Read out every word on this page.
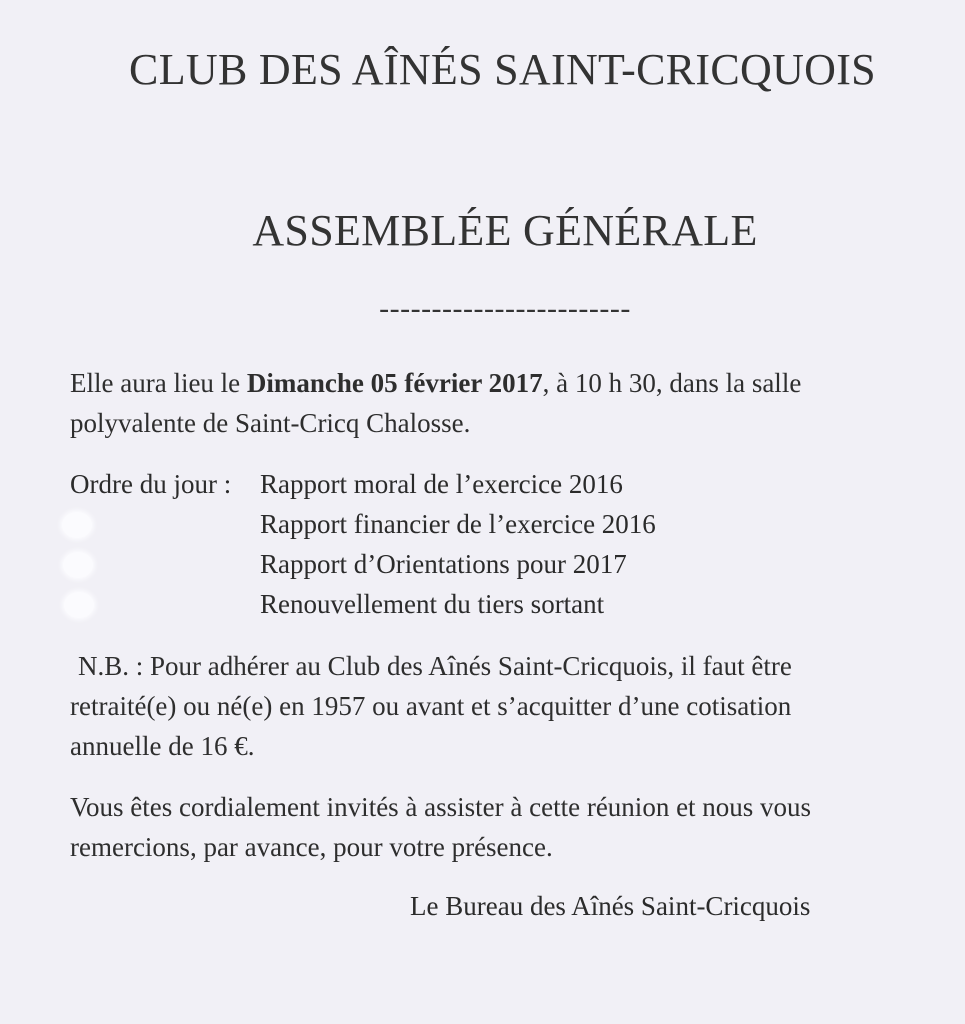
CLUB DES AÎNÉS SAINT-CRICQUOIS
ASSEMBLÉE GÉNÉRALE
------------------------

Elle aura lieu le Dimanche 05 février 2017, à 10 h 30, dans la salle

polyvalente de Saint-Cricq Chalosse.

Ordre du jour : Rapport moral de l’exercice 2016
Rapport financier de l’exercice 2016
Rapport d’Orientations pour 2017
Renouvellement du tiers sortant

N.B. : Pour adhérer au Club des Aînés Saint-Cricquois, il faut être

retraité(e) ou né(e) en 1957 ou avant et s’acquitter d’une cotisation

annuelle de 16 €.

Vous êtes cordialement invités à assister à cette réunion et nous vous

remercions, par avance, pour votre présence.

Le Bureau des Aînés Saint-Cricquois
